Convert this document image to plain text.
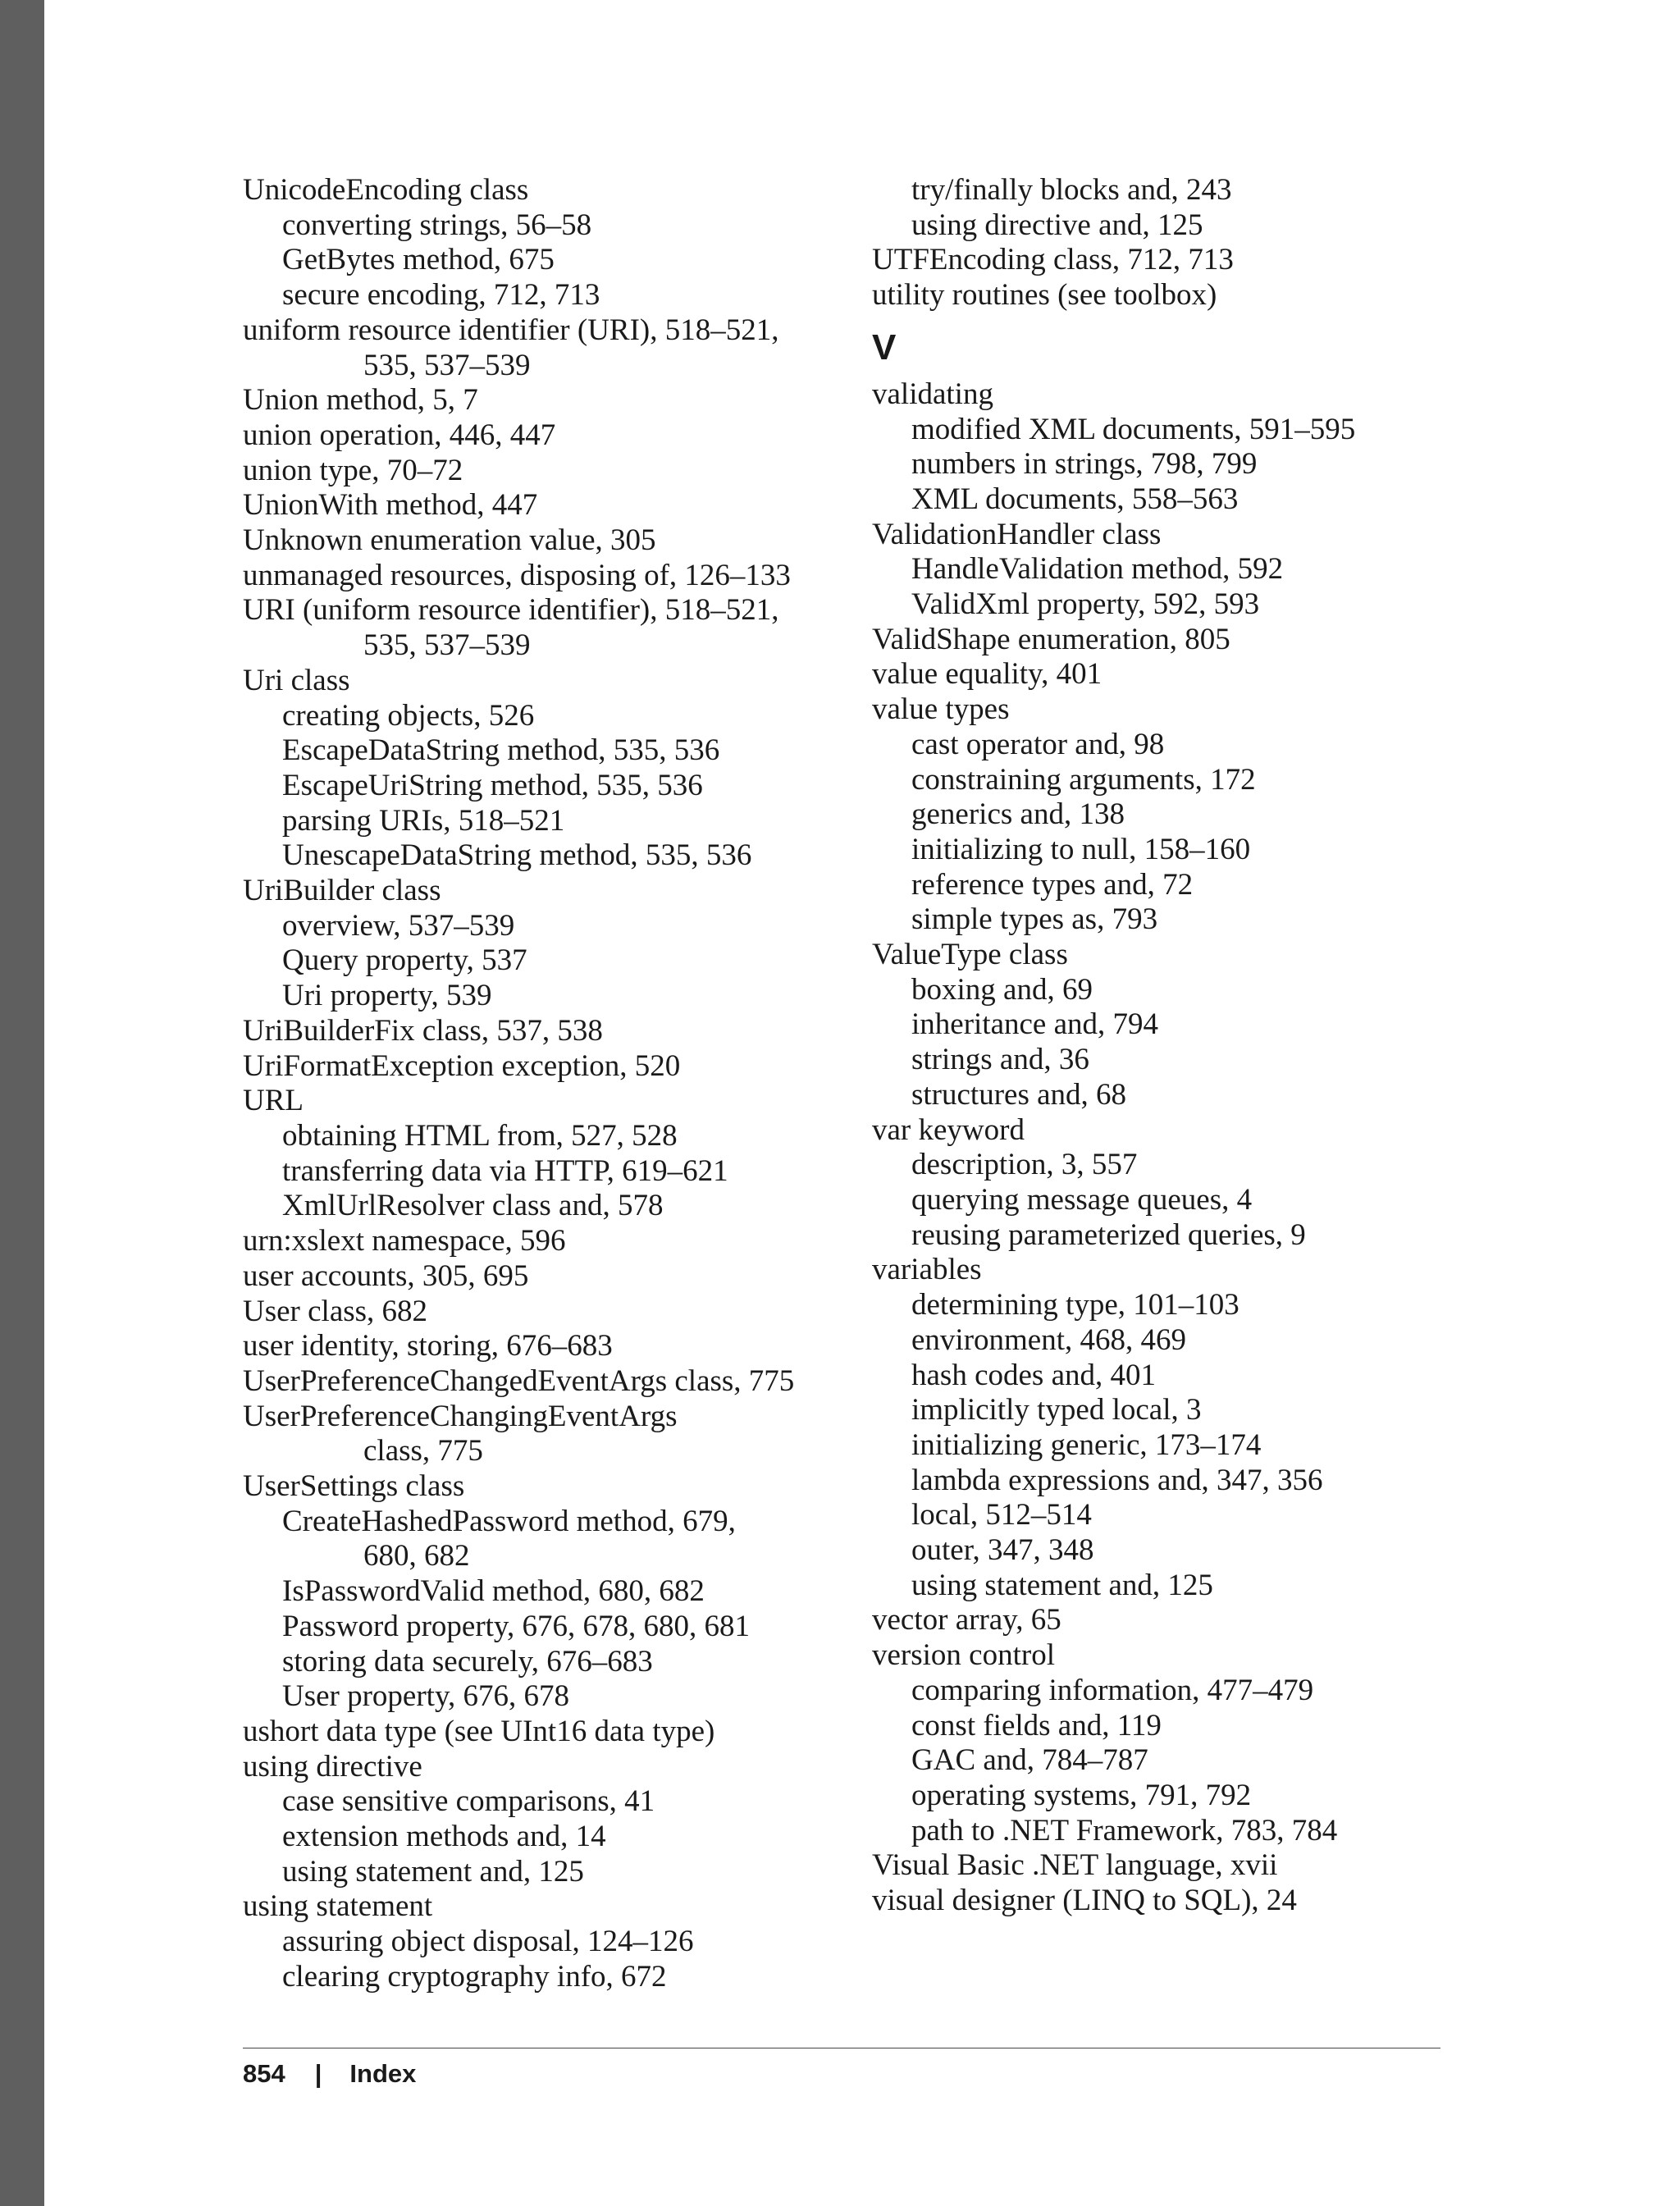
UnicodeEncoding class
converting strings, 56–58
GetBytes method, 675
secure encoding, 712, 713
uniform resource identifier (URI), 518–521,
535, 537–539
Union method, 5, 7
union operation, 446, 447
union type, 70–72
UnionWith method, 447
Unknown enumeration value, 305
unmanaged resources, disposing of, 126–133
URI (uniform resource identifier), 518–521,
535, 537–539
Uri class
creating objects, 526
EscapeDataString method, 535, 536
EscapeUriString method, 535, 536
parsing URIs, 518–521
UnescapeDataString method, 535, 536
UriBuilder class
overview, 537–539
Query property, 537
Uri property, 539
UriBuilderFix class, 537, 538
UriFormatException exception, 520
URL
obtaining HTML from, 527, 528
transferring data via HTTP, 619–621
XmlUrlResolver class and, 578
urn:xslext namespace, 596
user accounts, 305, 695
User class, 682
user identity, storing, 676–683
UserPreferenceChangedEventArgs class, 775
UserPreferenceChangingEventArgs
class, 775
UserSettings class
CreateHashedPassword method, 679,
680, 682
IsPasswordValid method, 680, 682
Password property, 676, 678, 680, 681
storing data securely, 676–683
User property, 676, 678
ushort data type (see UInt16 data type)
using directive
case sensitive comparisons, 41
extension methods and, 14
using statement and, 125
using statement
assuring object disposal, 124–126
clearing cryptography info, 672
try/finally blocks and, 243
using directive and, 125
UTFEncoding class, 712, 713
utility routines (see toolbox)
V
validating
modified XML documents, 591–595
numbers in strings, 798, 799
XML documents, 558–563
ValidationHandler class
HandleValidation method, 592
ValidXml property, 592, 593
ValidShape enumeration, 805
value equality, 401
value types
cast operator and, 98
constraining arguments, 172
generics and, 138
initializing to null, 158–160
reference types and, 72
simple types as, 793
ValueType class
boxing and, 69
inheritance and, 794
strings and, 36
structures and, 68
var keyword
description, 3, 557
querying message queues, 4
reusing parameterized queries, 9
variables
determining type, 101–103
environment, 468, 469
hash codes and, 401
implicitly typed local, 3
initializing generic, 173–174
lambda expressions and, 347, 356
local, 512–514
outer, 347, 348
using statement and, 125
vector array, 65
version control
comparing information, 477–479
const fields and, 119
GAC and, 784–787
operating systems, 791, 792
path to .NET Framework, 783, 784
Visual Basic .NET language, xvii
visual designer (LINQ to SQL), 24
854 | Index
